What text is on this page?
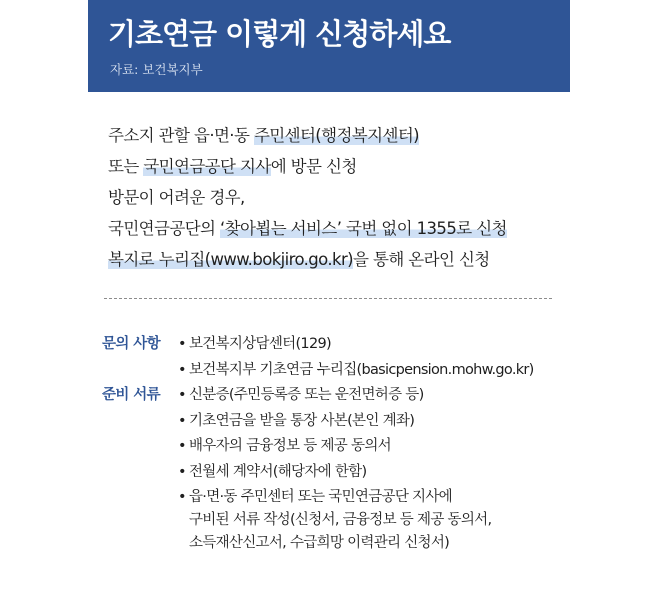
기초연금 이렇게 신청하세요
자료: 보건복지부
주소지 관할 읍·면·동 주민센터(행정복지센터)
또는 국민연금공단 지사에 방문 신청
방문이 어려운 경우,
국민연금공단의 ‘찾아뵙는 서비스’ 국번 없이 1355로 신청
복지로 누리집(www.bokjiro.go.kr)을 통해 온라인 신청
문의 사항	• 보건복지상담센터(129)
• 보건복지부 기초연금 누리집(basicpension.mohw.go.kr)
준비 서류	• 신분증(주민등록증 또는 운전면허증 등)
• 기초연금을 받을 통장 사본(본인 계좌)
• 배우자의 금융정보 등 제공 동의서
• 전월세 계약서(해당자에 한함)
• 읍·면·동 주민센터 또는 국민연금공단 지사에
구비된 서류 작성(신청서, 금융정보 등 제공 동의서,
소득재산신고서, 수급희망 이력관리 신청서)
